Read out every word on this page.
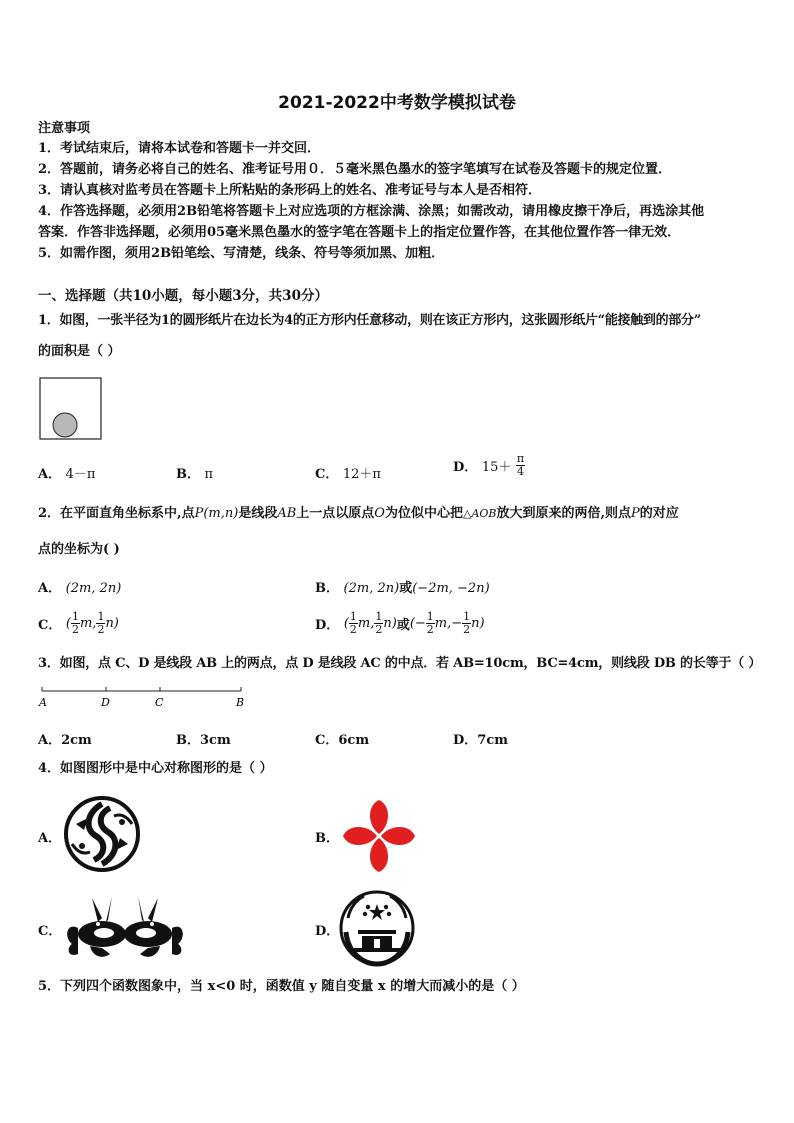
2021-2022中考数学模拟试卷
注意事项
1．考试结束后，请将本试卷和答题卡一并交回．
2．答题前，请务必将自己的姓名、准考证号用０．５毫米黑色墨水的签字笔填写在试卷及答题卡的规定位置．
3．请认真核对监考员在答题卡上所粘贴的条形码上的姓名、准考证号与本人是否相符．
4．作答选择题，必须用2B铅笔将答题卡上对应选项的方框涂满、涂黑；如需改动，请用橡皮擦干净后，再选涂其他
答案．作答非选择题，必须用05毫米黑色墨水的签字笔在答题卡上的指定位置作答，在其他位置作答一律无效．
5．如需作图，须用2B铅笔绘、写清楚，线条、符号等须加黑、加粗．
一、选择题（共10小题，每小题3分，共30分）
1．如图，一张半径为1的圆形纸片在边长为4的正方形内任意移动，则在该正方形内，这张圆形纸片“能接触到的部分”
的面积是（ ）
A． 4－π	B． π	C． 12＋π	D． $15+ \frac{\pi}{4}$
2．在平面直角坐标系中,点P(m,n)是线段AB上一点以原点O为位似中心把△AOB放大到原来的两倍,则点P的对应
点的坐标为( )
A． (2m, 2n)	B． (2m, 2n)或(−2m, −2n)
C． ( $\frac{1}{2} m$, $\frac{1}{2} n$)	D． ( $\frac{1}{2} m$, $\frac{1}{2} n$)或(− $\frac{1}{2} m,- \frac{1}{2} n$)
3．如图，点 C、D 是线段 AB 上的两点，点 D 是线段 AC 的中点．若 AB=10cm，BC=4cm，则线段 DB 的长等于（ ）
A	D	C	B
A．2cm	B．3cm	C．6cm	D．7cm
4．如图图形中是中心对称图形的是（ ）
A．	B．
C．	D．
5．下列四个函数图象中，当 x<0 时，函数值 y 随自变量 x 的增大而减小的是（ ）
